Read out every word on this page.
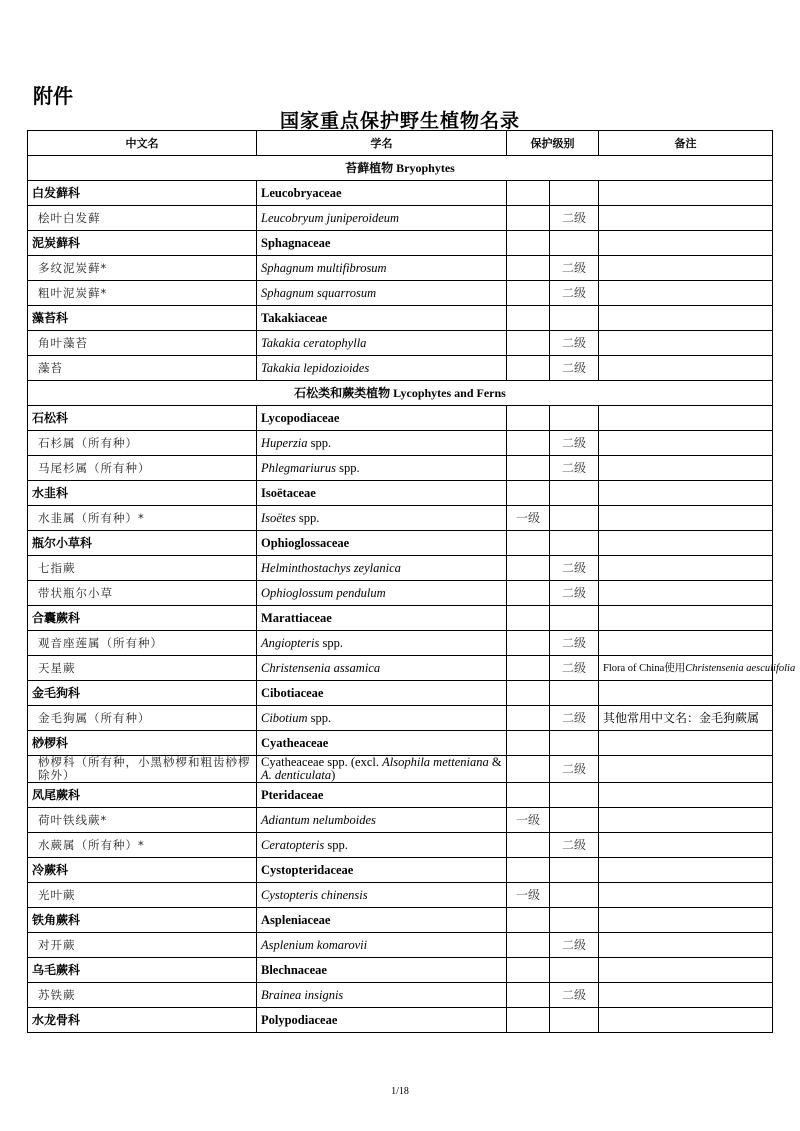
附件
国家重点保护野生植物名录
中文名	学名	保护级别		备注
苔藓植物 Bryophytes				
白发藓科	Leucobryaceae			
桧叶白发藓	Leucobryum juniperoideum		二级	
泥炭藓科	Sphagnaceae			
多纹泥炭藓*	Sphagnum multifibrosum		二级	
粗叶泥炭藓*	Sphagnum squarrosum		二级	
藻苔科	Takakiaceae			
角叶藻苔	Takakia ceratophylla		二级	
藻苔	Takakia lepidozioides		二级	
石松类和蕨类植物 Lycophytes and Ferns				
石松科	Lycopodiaceae			
石杉属（所有种）	Huperzia spp.		二级	
马尾杉属（所有种）	Phlegmariurus spp.		二级	
水韭科	Isoëtaceae			
水韭属（所有种）*	Isoëtes spp.	一级		
瓶尔小草科	Ophioglossaceae			
七指蕨	Helminthostachys zeylanica		二级	
带状瓶尔小草	Ophioglossum pendulum		二级	
合囊蕨科	Marattiaceae			
观音座莲属（所有种）	Angiopteris spp.		二级	
天星蕨	Christensenia assamica		二级	Flora of China使用Christensenia aesculifolia
金毛狗科	Cibotiaceae			
金毛狗属（所有种）	Cibotium spp.		二级	其他常用中文名：金毛狗蕨属
桫椤科	Cyatheaceae			
桫椤科（所有种，小黑桫椤和粗齿桫椤除外）	Cyatheaceae spp. (excl. Alsophila metteniana & A. denticulata)		二级	
凤尾蕨科	Pteridaceae			
荷叶铁线蕨*	Adiantum nelumboides	一级		
水蕨属（所有种）*	Ceratopteris spp.		二级	
冷蕨科	Cystopteridaceae			
光叶蕨	Cystopteris chinensis	一级		
铁角蕨科	Aspleniaceae			
对开蕨	Asplenium komarovii		二级	
乌毛蕨科	Blechnaceae			
苏铁蕨	Brainea insignis		二级	
水龙骨科	Polypodiaceae			
1/18
